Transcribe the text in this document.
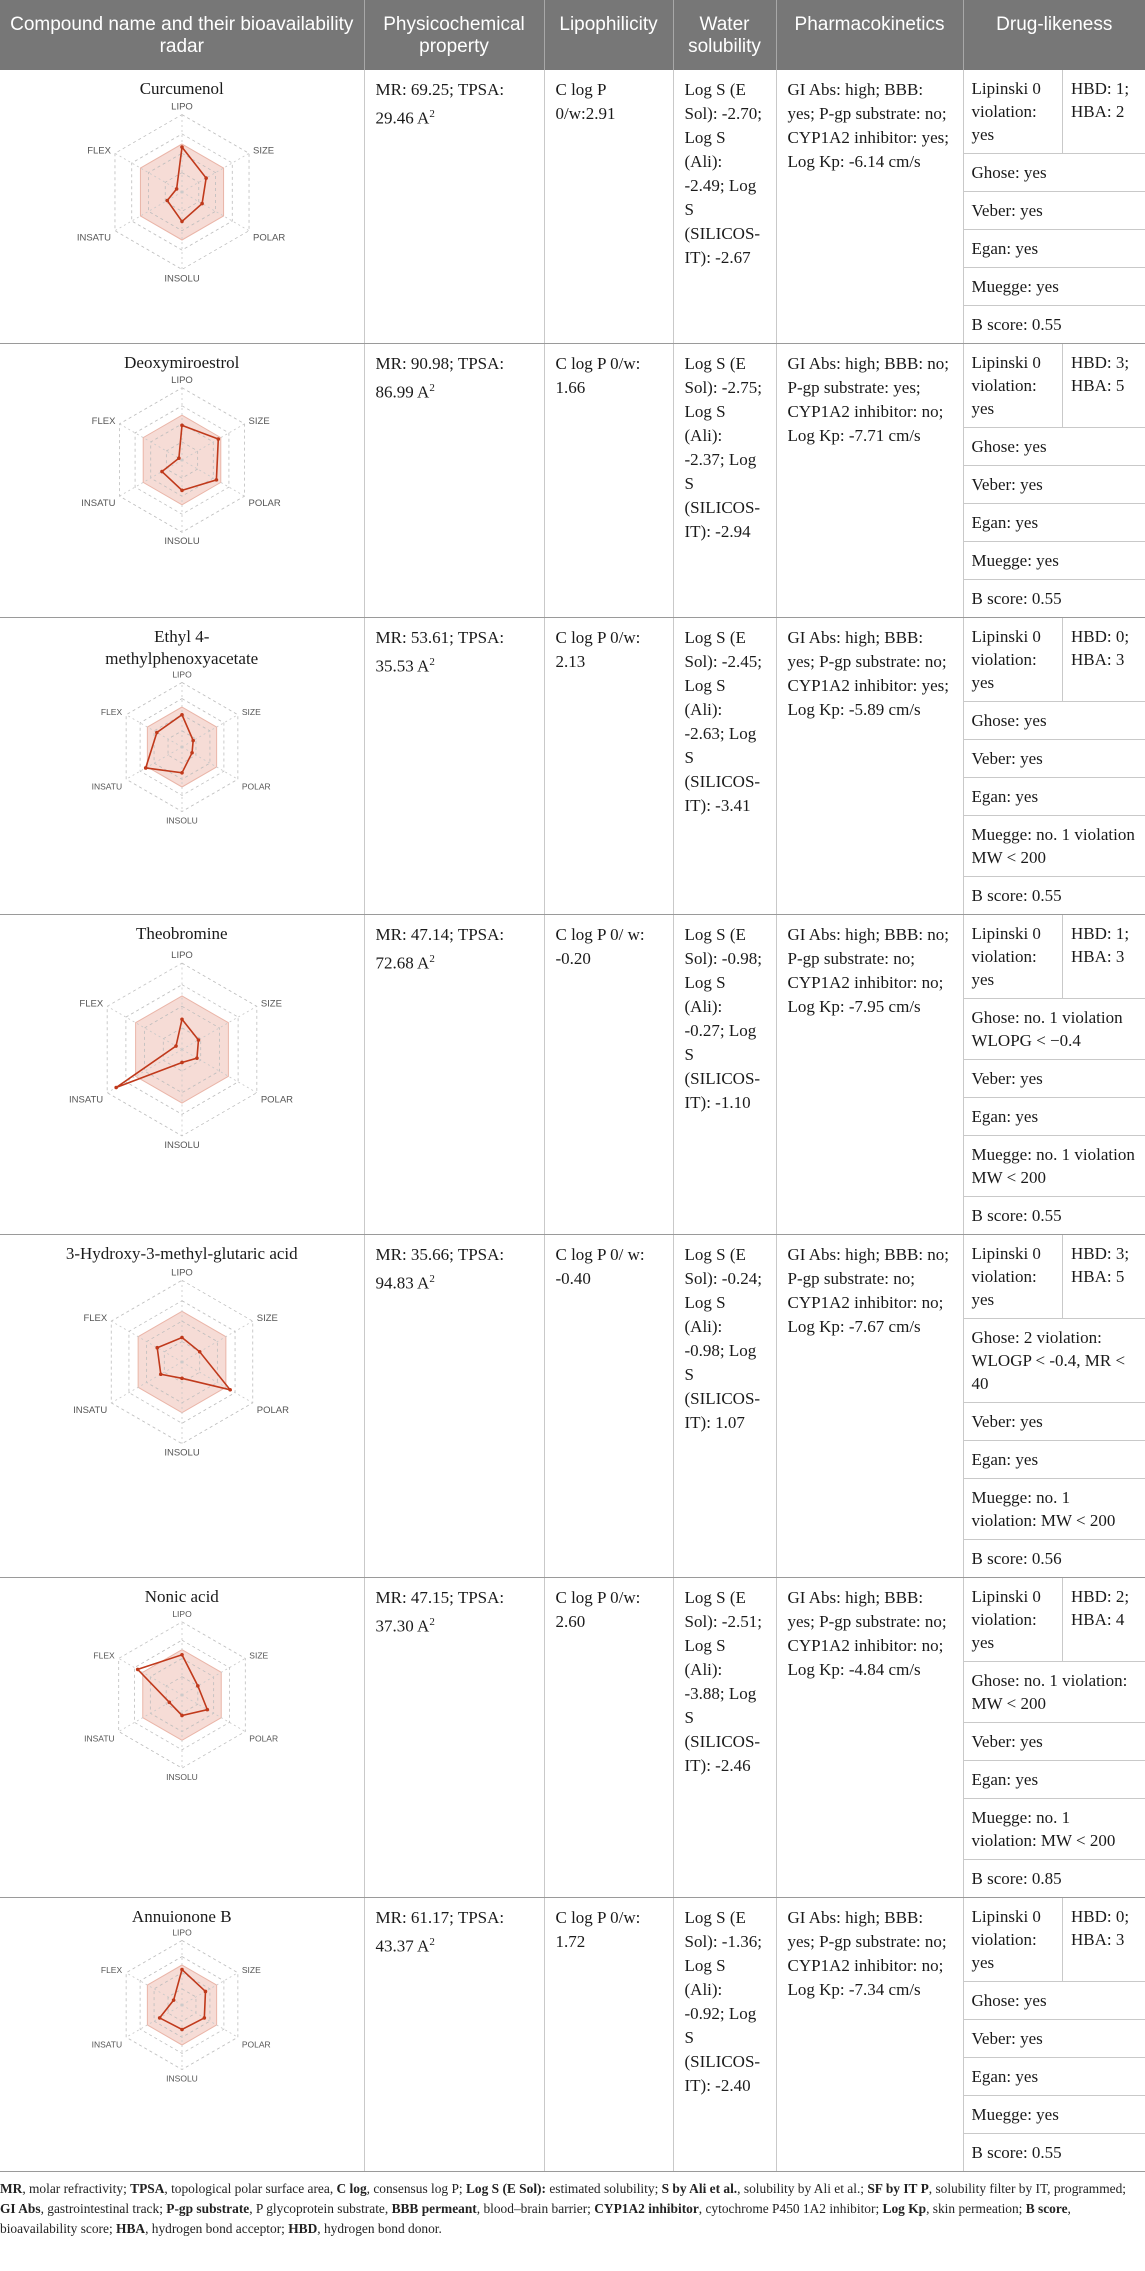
Compound name and their bioavailability radar	Physicochemical property	Lipophilicity	Water solubility	Pharmacokinetics	Drug-likeness

Curcumenol
LIPO
SIZE
POLAR
INSOLU
INSATU
FLEX
	MR: 69.25; TPSA: 29.46 $A^2$	C log P 0/w:2.91	Log S (E Sol): -2.70; Log S (Ali): -2.49; Log S (SILICOS-IT): -2.67	GI Abs: high; BBB: yes; P-gp substrate: no; CYP1A2 inhibitor: yes; Log Kp: -6.14 cm/s	
Lipinski 0 violation: yes	HBD: 1; HBA: 2
Ghose: yes
Veber: yes
Egan: yes
Muegge: yes
B score: 0.55

Deoxymiroestrol
LIPO
SIZE
POLAR
INSOLU
INSATU
FLEX
	MR: 90.98; TPSA: 86.99 $A^2$	C log P 0/w: 1.66	Log S (E Sol): -2.75; Log S (Ali): -2.37; Log S (SILICOS-IT): -2.94	GI Abs: high; BBB: no; P-gp substrate: yes; CYP1A2 inhibitor: no; Log Kp: -7.71 cm/s	
Lipinski 0 violation: yes	HBD: 3; HBA: 5
Ghose: yes
Veber: yes
Egan: yes
Muegge: yes
B score: 0.55

Ethyl 4-methylphenoxyacetate
LIPO
SIZE
POLAR
INSOLU
INSATU
FLEX
	MR: 53.61; TPSA: 35.53 $A^2$	C log P 0/w: 2.13	Log S (E Sol): -2.45; Log S (Ali): -2.63; Log S (SILICOS-IT): -3.41	GI Abs: high; BBB: yes; P-gp substrate: no; CYP1A2 inhibitor: yes; Log Kp: -5.89 cm/s	
Lipinski 0 violation: yes	HBD: 0; HBA: 3
Ghose: yes
Veber: yes
Egan: yes
Muegge: no. 1 violation MW < 200
B score: 0.55

Theobromine
LIPO
SIZE
POLAR
INSOLU
INSATU
FLEX
	MR: 47.14; TPSA: 72.68 $A^2$	C log P 0/ w: -0.20	Log S (E Sol): -0.98; Log S (Ali): -0.27; Log S (SILICOS-IT): -1.10	GI Abs: high; BBB: no; P-gp substrate: no; CYP1A2 inhibitor: no; Log Kp: -7.95 cm/s	
Lipinski 0 violation: yes	HBD: 1; HBA: 3
Ghose: no. 1 violation WLOPG < −0.4
Veber: yes
Egan: yes
Muegge: no. 1 violation MW < 200
B score: 0.55

3-Hydroxy-3-methyl-glutaric acid
LIPO
SIZE
POLAR
INSOLU
INSATU
FLEX
	MR: 35.66; TPSA: 94.83 $A^2$	C log P 0/ w: -0.40	Log S (E Sol): -0.24; Log S (Ali): -0.98; Log S (SILICOS-IT): 1.07	GI Abs: high; BBB: no; P-gp substrate: no; CYP1A2 inhibitor: no; Log Kp: -7.67 cm/s	
Lipinski 0 violation: yes	HBD: 3; HBA: 5
Ghose: 2 violation: WLOGP < -0.4, MR < 40
Veber: yes
Egan: yes
Muegge: no. 1 violation: MW < 200
B score: 0.56

Nonic acid
LIPO
SIZE
POLAR
INSOLU
INSATU
FLEX
	MR: 47.15; TPSA: 37.30 $A^2$	C log P 0/w: 2.60	Log S (E Sol): -2.51; Log S (Ali): -3.88; Log S (SILICOS-IT): -2.46	GI Abs: high; BBB: yes; P-gp substrate: no; CYP1A2 inhibitor: no; Log Kp: -4.84 cm/s	
Lipinski 0 violation: yes	HBD: 2; HBA: 4
Ghose: no. 1 violation: MW < 200
Veber: yes
Egan: yes
Muegge: no. 1 violation: MW < 200
B score: 0.85

Annuionone B
LIPO
SIZE
POLAR
INSOLU
INSATU
FLEX
	MR: 61.17; TPSA: 43.37 $A^2$	C log P 0/w: 1.72	Log S (E Sol): -1.36; Log S (Ali): -0.92; Log S (SILICOS-IT): -2.40	GI Abs: high; BBB: yes; P-gp substrate: no; CYP1A2 inhibitor: no; Log Kp: -7.34 cm/s	
Lipinski 0 violation: yes	HBD: 0; HBA: 3
Ghose: yes
Veber: yes
Egan: yes
Muegge: yes
B score: 0.55
MR, molar refractivity; TPSA, topological polar surface area, C log, consensus log P; Log S (E Sol): estimated solubility; S by Ali et al., solubility by Ali et al.; SF by IT P, solubility filter by IT, programmed; GI Abs, gastrointestinal track; P-gp substrate, P glycoprotein substrate, BBB permeant, blood–brain barrier; CYP1A2 inhibitor, cytochrome P450 1A2 inhibitor; Log Kp, skin permeation; B score, bioavailability score; HBA, hydrogen bond acceptor; HBD, hydrogen bond donor.
